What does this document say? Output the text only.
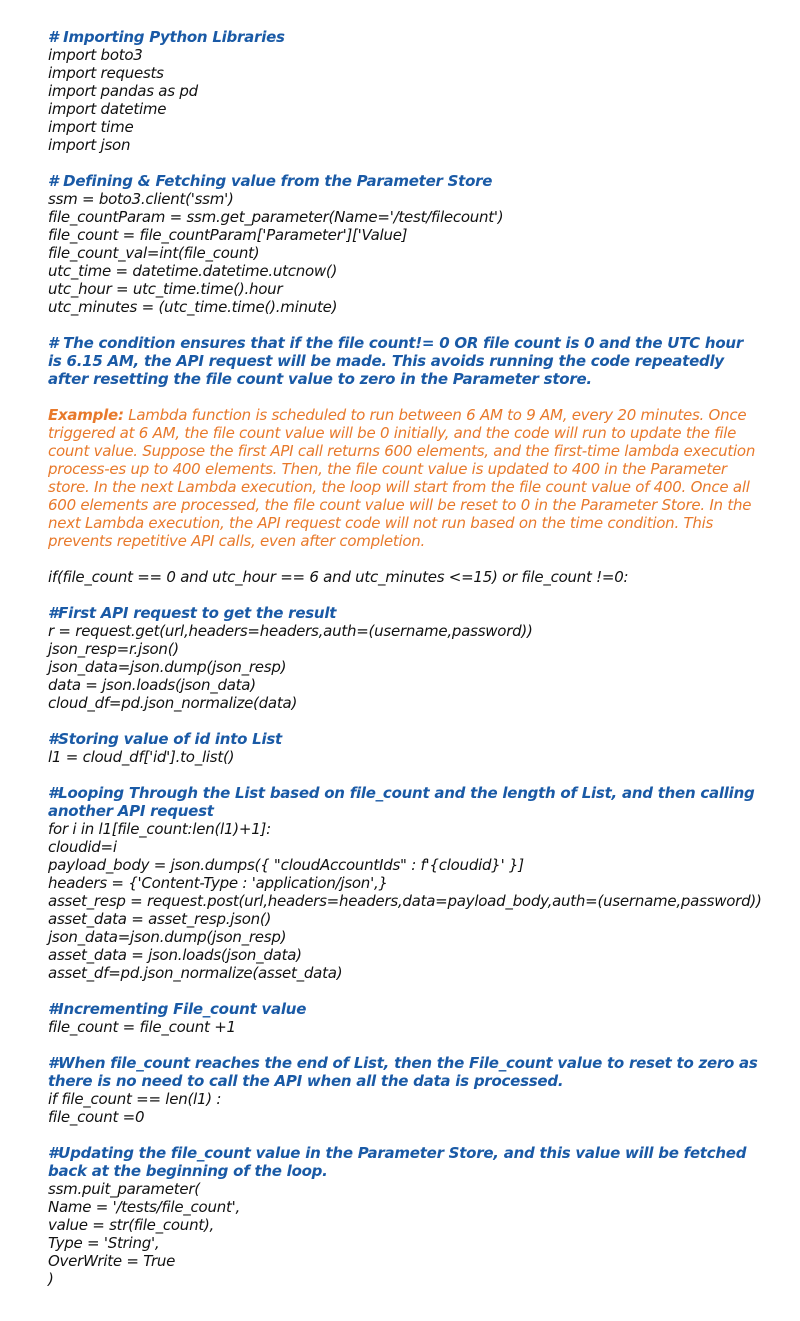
# Importing Python Libraries
import boto3
import requests
import pandas as pd
import datetime
import time
import json
# Defining & Fetching value from the Parameter Store
ssm = boto3.client('ssm')
file_countParam = ssm.get_parameter(Name='/test/filecount')
file_count = file_countParam['Parameter']['Value]
file_count_val=int(file_count)
utc_time = datetime.datetime.utcnow()
utc_hour = utc_time.time().hour
utc_minutes = (utc_time.time().minute)
# The condition ensures that if the file count!= 0 OR file count is 0 and the UTC hour is 6.15 AM, the API request will be made. This avoids running the code repeatedly after resetting the file count value to zero in the Parameter store.
Example: Lambda function is scheduled to run between 6 AM to 9 AM, every 20 minutes. Once triggered at 6 AM, the file count value will be 0 initially, and the code will run to update the file count value. Suppose the first API call returns 600 elements, and the first-time lambda execution process-es up to 400 elements. Then, the file count value is updated to 400 in the Parameter store. In the next Lambda execution, the loop will start from the file count value of 400. Once all 600 elements are processed, the file count value will be reset to 0 in the Parameter Store. In the next Lambda execution, the API request code will not run based on the time condition. This prevents repetitive API calls, even after completion.
if(file_count == 0 and utc_hour == 6 and utc_minutes <=15) or file_count !=0:
#First API request to get the result
r = request.get(url,headers=headers,auth=(username,password))
json_resp=r.json()
json_data=json.dump(json_resp)
data = json.loads(json_data)
cloud_df=pd.json_normalize(data)
#Storing value of id into List
l1 = cloud_df['id'].to_list()
#Looping Through the List based on file_count and the length of List, and then calling another API request
for i in l1[file_count:len(l1)+1]:
cloudid=i
payload_body = json.dumps({ "cloudAccountIds" : f'{cloudid}' }]
headers = {'Content-Type : 'application/json',}
asset_resp = request.post(url,headers=headers,data=payload_body,auth=(username,password))
asset_data = asset_resp.json()
json_data=json.dump(json_resp)
asset_data = json.loads(json_data)
asset_df=pd.json_normalize(asset_data)
#Incrementing File_count value
file_count = file_count +1
#When file_count reaches the end of List, then the File_count value to reset to zero as there is no need to call the API when all the data is processed.
if file_count == len(l1) :
file_count =0
#Updating the file_count value in the Parameter Store, and this value will be fetched back at the beginning of the loop.
ssm.puit_parameter(
Name = '/tests/file_count',
value = str(file_count),
Type = 'String',
OverWrite = True
)
